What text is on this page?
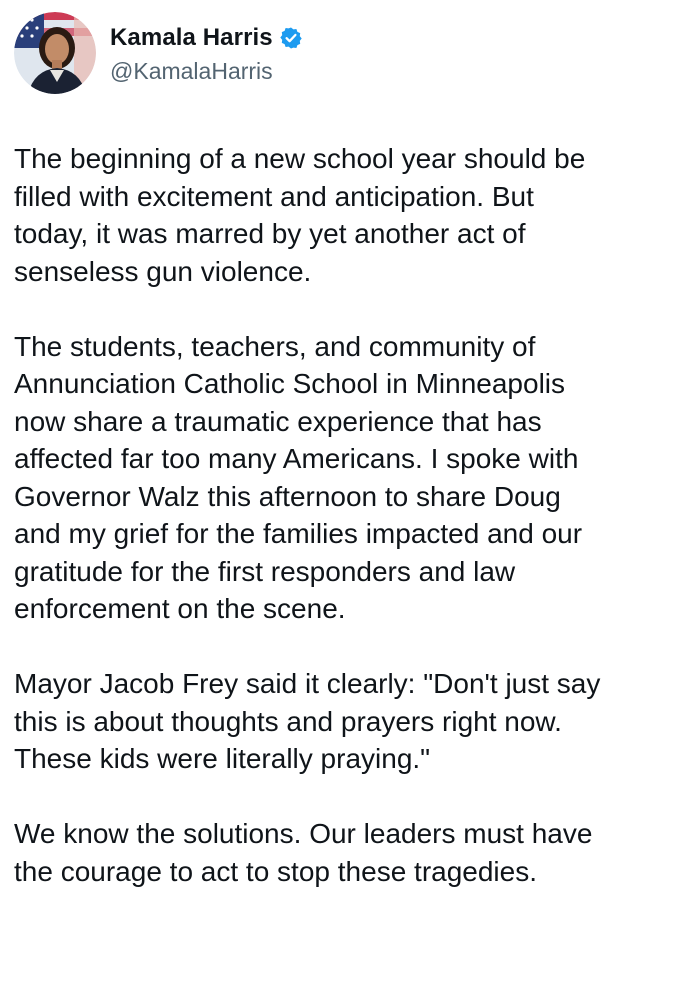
Kamala Harris
@KamalaHarris

The beginning of a new school year should be
filled with excitement and anticipation. But
today, it was marred by yet another act of
senseless gun violence.

The students, teachers, and community of
Annunciation Catholic School in Minneapolis
now share a traumatic experience that has
affected far too many Americans. I spoke with
Governor Walz this afternoon to share Doug
and my grief for the families impacted and our
gratitude for the first responders and law
enforcement on the scene.

Mayor Jacob Frey said it clearly: "Don't just say
this is about thoughts and prayers right now.
These kids were literally praying."

We know the solutions. Our leaders must have
the courage to act to stop these tragedies.
